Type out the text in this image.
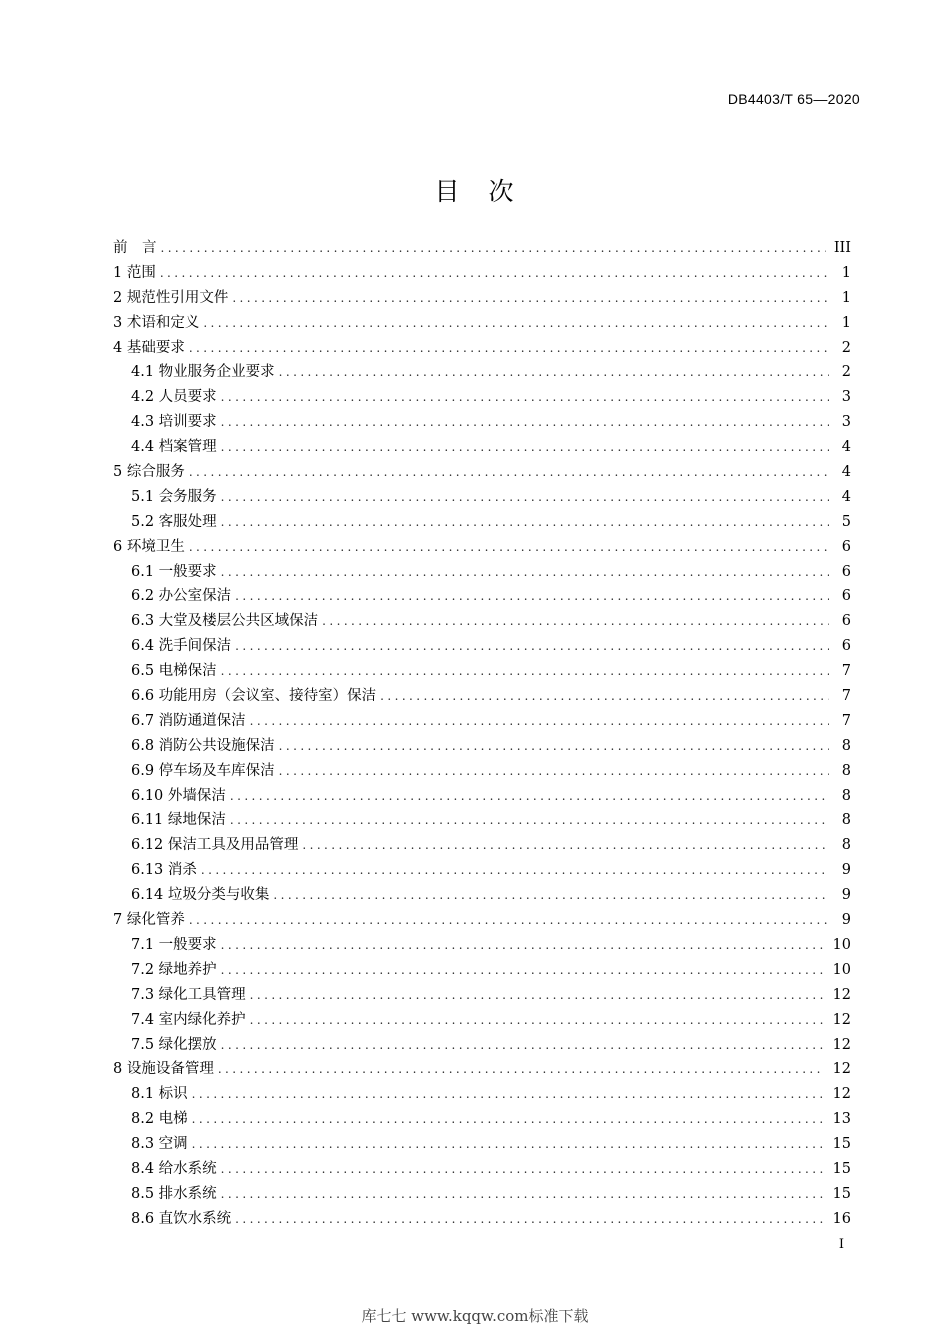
DB4403/T 65—2020
目　次
前　言 .....	III
1 范围 .....	1
2 规范性引用文件 .....	1
3 术语和定义 .....	1
4 基础要求 .....	2
4.1 物业服务企业要求 .....	2
4.2 人员要求 .....	3
4.3 培训要求 .....	3
4.4 档案管理 .....	4
5 综合服务 .....	4
5.1 会务服务 .....	4
5.2 客服处理 .....	5
6 环境卫生 .....	6
6.1 一般要求 .....	6
6.2 办公室保洁 .....	6
6.3 大堂及楼层公共区域保洁 .....	6
6.4 洗手间保洁 .....	6
6.5 电梯保洁 .....	7
6.6 功能用房（会议室、接待室）保洁 .....	7
6.7 消防通道保洁 .....	7
6.8 消防公共设施保洁 .....	8
6.9 停车场及车库保洁 .....	8
6.10 外墙保洁 .....	8
6.11 绿地保洁 .....	8
6.12 保洁工具及用品管理 .....	8
6.13 消杀 .....	9
6.14 垃圾分类与收集 .....	9
7 绿化管养 .....	9
7.1 一般要求 .....	10
7.2 绿地养护 .....	10
7.3 绿化工具管理 .....	12
7.4 室内绿化养护 .....	12
7.5 绿化摆放 .....	12
8 设施设备管理 .....	12
8.1 标识 .....	12
8.2 电梯 .....	13
8.3 空调 .....	15
8.4 给水系统 .....	15
8.5 排水系统 .....	15
8.6 直饮水系统 .....	16
I
库七七 www.kqqw.com标准下载
